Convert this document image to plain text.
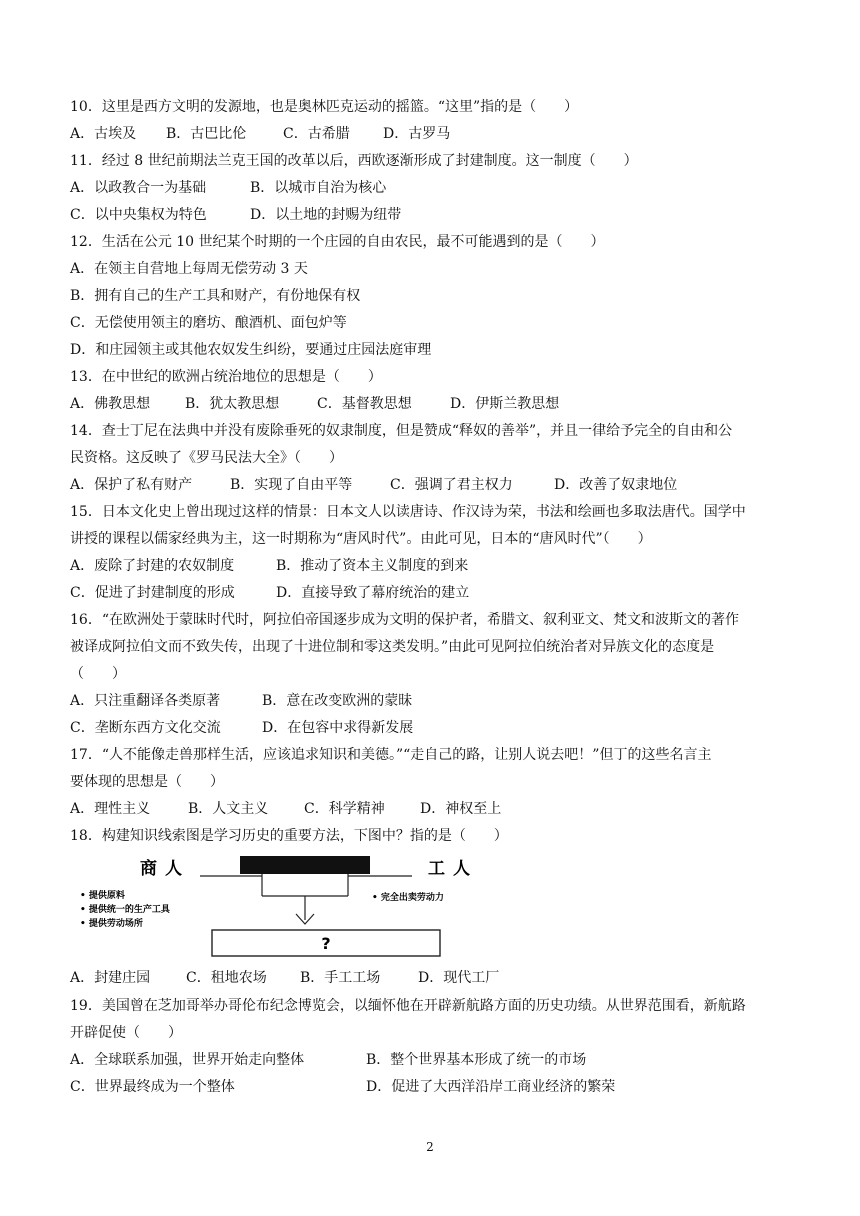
10．这里是西方文明的发源地，也是奥林匹克运动的摇篮。“这里”指的是（　　）
A．古埃及 B．古巴比伦	C．古希腊 D．古罗马
11．经过 8 世纪前期法兰克王国的改革以后，西欧逐渐形成了封建制度。这一制度（　　）
A．以政教合一为基础	B．以城市自治为核心
C．以中央集权为特色	D．以土地的封赐为纽带
12．生活在公元 10 世纪某个时期的一个庄园的自由农民，最不可能遇到的是（　　）
A．在领主自营地上每周无偿劳动 3 天
B．拥有自己的生产工具和财产，有份地保有权
C．无偿使用领主的磨坊、酿酒机、面包炉等
D．和庄园领主或其他农奴发生纠纷，要通过庄园法庭审理
13．在中世纪的欧洲占统治地位的思想是（　　）
A．佛教思想 B．犹太教思想	C．基督教思想	D．伊斯兰教思想
14．查士丁尼在法典中并没有废除垂死的奴隶制度，但是赞成“释奴的善举”，并且一律给予完全的自由和公
民资格。这反映了《罗马民法大全》（　　）
A．保护了私有财产	B．实现了自由平等	C．强调了君主权力	D．改善了奴隶地位
15．日本文化史上曾出现过这样的情景：日本文人以读唐诗、作汉诗为荣，书法和绘画也多取法唐代。国学中
讲授的课程以儒家经典为主，这一时期称为“唐风时代”。由此可见，日本的“唐风时代”（　　）
A．废除了封建的农奴制度	B．推动了资本主义制度的到来
C．促进了封建制度的形成	D．直接导致了幕府统治的建立
16．“在欧洲处于蒙昧时代时，阿拉伯帝国逐步成为文明的保护者，希腊文、叙利亚文、梵文和波斯文的著作
被译成阿拉伯文而不致失传，出现了十进位制和零这类发明。”由此可见阿拉伯统治者对异族文化的态度是
（　　）
A．只注重翻译各类原著	B．意在改变欧洲的蒙昧
C．垄断东西方文化交流	D．在包容中求得新发展
17．“人不能像走兽那样生活，应该追求知识和美德。”“走自己的路，让别人说去吧！”但丁的这些名言主
要体现的思想是（　　）
A．理性主义	B．人文主义	C．科学精神	D．神权至上
18．构建知识线索图是学习历史的重要方法，下图中？指的是（　　）
?
商人
• 提供原料
• 提供统一的生产工具
• 提供劳动场所
工人
• 完全出卖劳动力
A．封建庄园	C．租地农场 B．手工工场	D．现代工厂
19．美国曾在芝加哥举办哥伦布纪念博览会，以缅怀他在开辟新航路方面的历史功绩。从世界范围看，新航路
开辟促使（　　）
A．全球联系加强，世界开始走向整体	B．整个世界基本形成了统一的市场
C．世界最终成为一个整体	D．促进了大西洋沿岸工商业经济的繁荣
2
